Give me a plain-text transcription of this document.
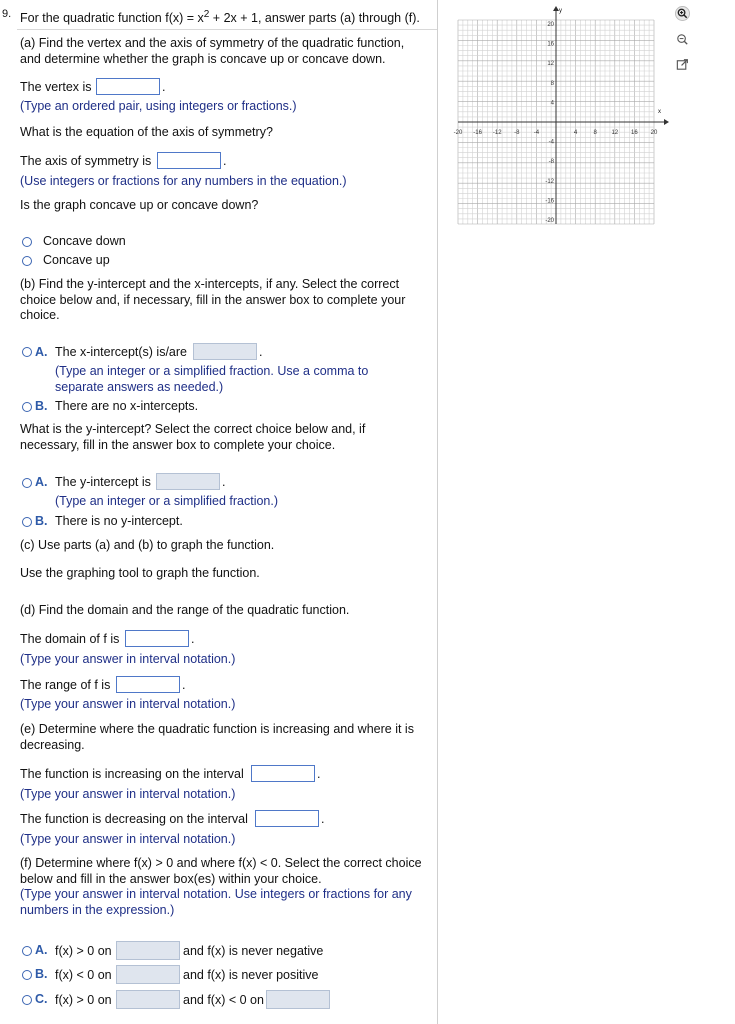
9. For the quadratic function $f(x) = x^2 + 2x + 1$, answer parts (a) through (f).
(a) Find the vertex and the axis of symmetry of the quadratic function, and determine whether the graph is concave up or concave down.
The vertex is	.
(Type an ordered pair, using integers or fractions.)
What is the equation of the axis of symmetry?
The axis of symmetry is	.
(Use integers or fractions for any numbers in the equation.)
Is the graph concave up or concave down?
Concave down
Concave up
(b) Find the y-intercept and the x-intercepts, if any. Select the correct choice below and, if necessary, fill in the answer box to complete your choice.
A. The x-intercept(s) is/are	.
(Type an integer or a simplified fraction. Use a comma to separate answers as needed.)
B. There are no x-intercepts.
What is the y-intercept? Select the correct choice below and, if necessary, fill in the answer box to complete your choice.
A. The y-intercept is	.
(Type an integer or a simplified fraction.)
B. There is no y-intercept.
(c) Use parts (a) and (b) to graph the function.
Use the graphing tool to graph the function.
(d) Find the domain and the range of the quadratic function.
The domain of f is	.
(Type your answer in interval notation.)
The range of f is	.
(Type your answer in interval notation.)
(e) Determine where the quadratic function is increasing and where it is decreasing.
The function is increasing on the interval	.
(Type your answer in interval notation.)
The function is decreasing on the interval	.
(Type your answer in interval notation.)
(f) Determine where f(x) > 0 and where f(x) < 0. Select the correct choice below and fill in the answer box(es) within your choice.
(Type your answer in interval notation. Use integers or fractions for any numbers in the expression.)
A. f(x) > 0 on	and f(x) is never negative
B. f(x) < 0 on	and f(x) is never positive
C. f(x) > 0 on	and f(x) < 0 on
x
y
-20 -16 -12 -8 -4	4	8 12 16 20
20
16
12
8
4
-4
-8
-12
-16
-20
